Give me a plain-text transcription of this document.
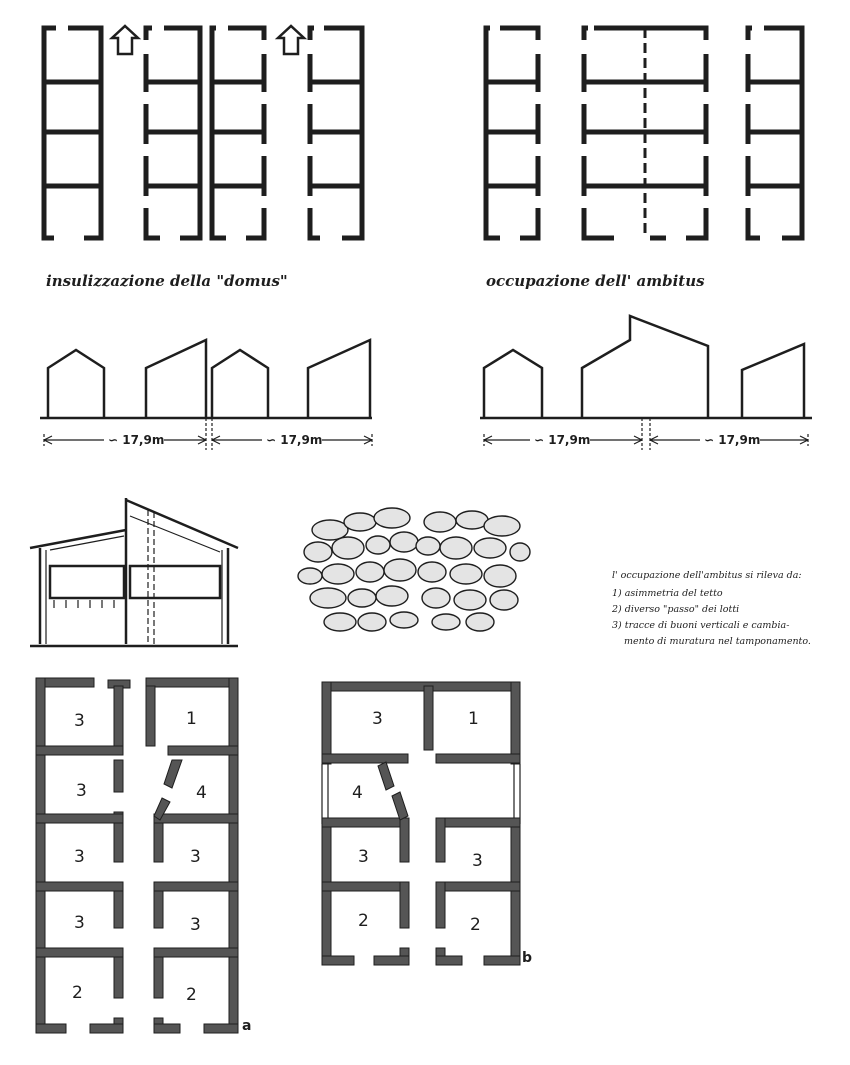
insulizzazione della "domus"	occupazione dell' ambitus
∽ 17,9m	∽ 17,9m	∽ 17,9m	∽ 17,9m
l' occupazione dell'ambitus si rileva da:
1) asimmetria del tetto
2) diverso "passo" dei lotti
3) tracce di buoni verticali e cambia-
mento di muratura nel tamponamento.
3	1
3	4
3	3
3	3
2	2
a
3	1
4
3	3
2	2
b
